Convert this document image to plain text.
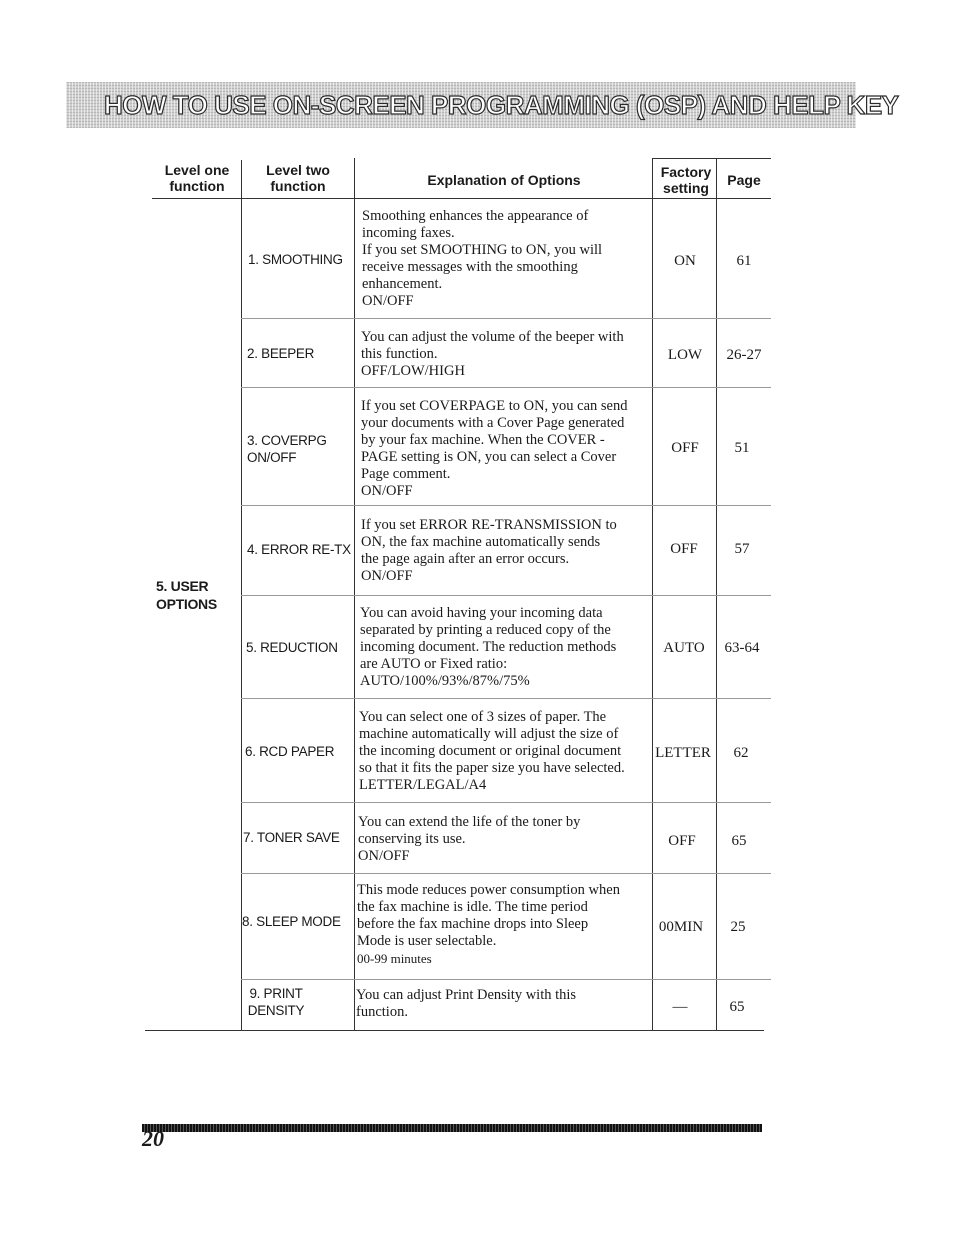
HOW TO USE ON-SCREEN PROGRAMMING (OSP) AND HELP KEY
Level one function
Level two function	Explanation of Options	Factory setting	Page
5. USER OPTIONS
1. SMOOTHING
Smoothing enhances the appearance of
incoming faxes.
If you set SMOOTHING to ON, you will
receive messages with the smoothing
enhancement.
ON/OFF
ON	61
2. BEEPER
You can adjust the volume of the beeper with
this function.
OFF/LOW/HIGH
LOW	26-27
3. COVERPG ON/OFF
If you set COVERPAGE to ON, you can send
your documents with a Cover Page generated
by your fax machine. When the COVER -
PAGE setting is ON, you can select a Cover
Page comment.
ON/OFF
OFF	51
4. ERROR RE-TX
If you set ERROR RE-TRANSMISSION to
ON, the fax machine automatically sends
the page again after an error occurs.
ON/OFF
OFF	57
5. REDUCTION
You can avoid having your incoming data
separated by printing a reduced copy of the
incoming document. The reduction methods
are AUTO or Fixed ratio:
AUTO/100%/93%/87%/75%
AUTO	63-64
6. RCD PAPER
You can select one of 3 sizes of paper. The
machine automatically will adjust the size of
the incoming document or original document
so that it fits the paper size you have selected.
LETTER/LEGAL/A4
LETTER	62
7. TONER SAVE
You can extend the life of the toner by
conserving its use.
ON/OFF
OFF	65
8. SLEEP MODE
This mode reduces power consumption when
the fax machine is idle. The time period
before the fax machine drops into Sleep
Mode is user selectable.
00-99 minutes
00MIN	25
9. PRINT DENSITY
You can adjust Print Density with this
function.	—	65
20
